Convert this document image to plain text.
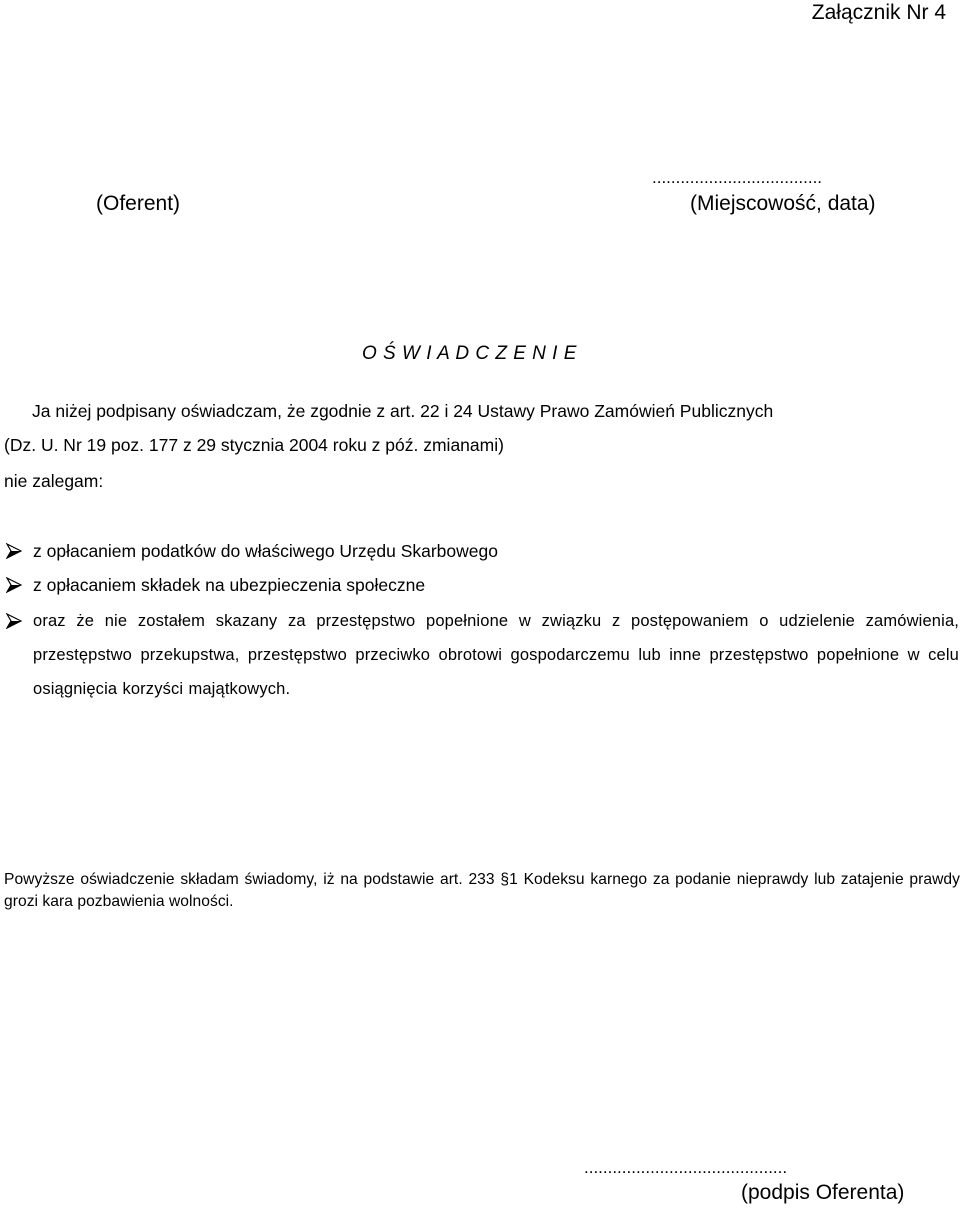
Załącznik Nr 4
....................................
(Oferent)	(Miejscowość, data)
O Ś W I A D C Z E N I E
Ja niżej podpisany oświadczam, że zgodnie z art. 22 i 24 Ustawy Prawo Zamówień Publicznych
(Dz. U. Nr 19 poz. 177 z 29 stycznia 2004 roku z póź. zmianami)
nie zalegam:
z opłacaniem podatków do właściwego Urzędu Skarbowego
z opłacaniem składek na ubezpieczenia społeczne
oraz że nie zostałem skazany za przestępstwo popełnione w związku z postępowaniem o udzielenie zamówienia, przestępstwo przekupstwa, przestępstwo przeciwko obrotowi gospodarczemu lub inne przestępstwo popełnione w celu osiągnięcia korzyści majątkowych.
Powyższe oświadczenie składam świadomy, iż na podstawie art. 233 §1 Kodeksu karnego za podanie nieprawdy lub zatajenie prawdy grozi kara pozbawienia wolności.
...........................................
(podpis Oferenta)
